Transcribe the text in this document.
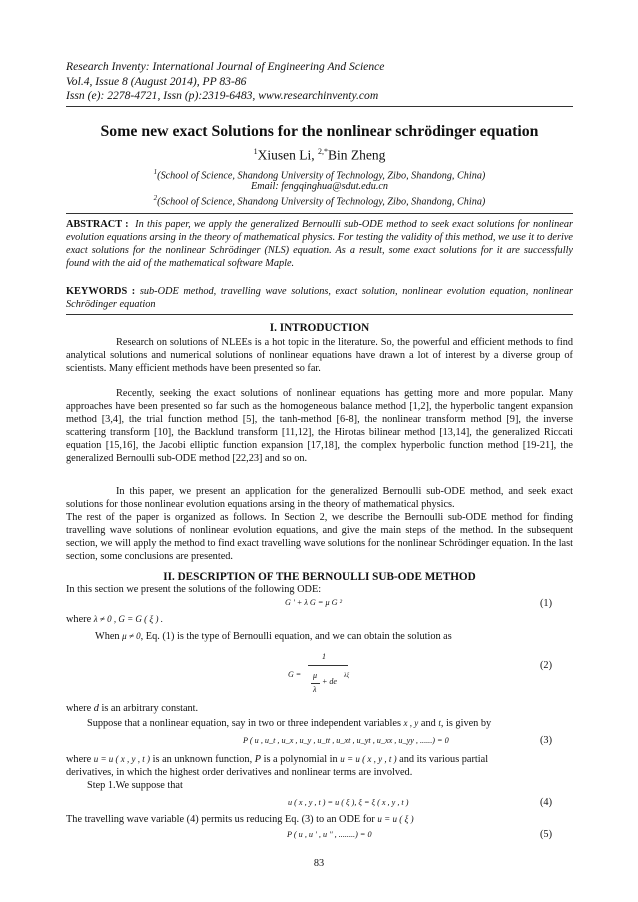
Research Inventy: International Journal of Engineering And Science
Vol.4, Issue 8 (August 2014), PP 83-86
Issn (e): 2278-4721, Issn (p):2319-6483, www.researchinventy.com
Some new exact Solutions for the nonlinear schrödinger equation
$^1$Xiusen Li, $^{2,*}$Bin Zheng
$^1$(School of Science, Shandong University of Technology, Zibo, Shandong, China)
Email: fengqinghua@sdut.edu.cn
$^2$(School of Science, Shandong University of Technology, Zibo, Shandong, China)
ABSTRACT : In this paper, we apply the generalized Bernoulli sub-ODE method to seek exact solutions for nonlinear evolution equations arsing in the theory of mathematical physics. For testing the validity of this method, we use it to derive exact solutions for the nonlinear Schrödinger (NLS) equation. As a result, some exact solutions for it are successfully found with the aid of the mathematical software Maple.
KEYWORDS : sub-ODE method, travelling wave solutions, exact solution, nonlinear evolution equation, nonlinear Schrödinger equation
I. INTRODUCTION
Research on solutions of NLEEs is a hot topic in the literature. So, the powerful and efficient methods to find analytical solutions and numerical solutions of nonlinear equations have drawn a lot of interest by a diverse group of scientists. Many efficient methods have been presented so far.
Recently, seeking the exact solutions of nonlinear equations has getting more and more popular. Many approaches have been presented so far such as the homogeneous balance method [1,2], the hyperbolic tangent expansion method [3,4], the trial function method [5], the tanh-method [6-8], the nonlinear transform method [9], the inverse scattering transform [10], the Backlund transform [11,12], the Hirotas bilinear method [13,14], the generalized Riccati equation [15,16], the Jacobi elliptic function expansion [17,18], the complex hyperbolic function method [19-21], the generalized Bernoulli sub-ODE method [22,23] and so on.
In this paper, we present an application for the generalized Bernoulli sub-ODE method, and seek exact solutions for those nonlinear evolution equations arsing in the theory of mathematical physics.
The rest of the paper is organized as follows. In Section 2, we describe the Bernoulli sub-ODE method for finding travelling wave solutions of nonlinear evolution equations, and give the main steps of the method. In the subsequent section, we will apply the method to find exact travelling wave solutions for the nonlinear Schrödinger equation. In the last section, some conclusions are presented.
II. DESCRIPTION OF THE BERNOULLI SUB-ODE METHOD
In this section we present the solutions of the following ODE:
G ' + λ G = μ G ²	(1)
where λ ≠ 0 , G = G ( ξ ) .
When μ ≠ 0, Eq. (1) is the type of Bernoulli equation, and we can obtain the solution as
G =
1
μ
+ de
λξ
λ
(2)
where d is an arbitrary constant.
Suppose that a nonlinear equation, say in two or three independent variables x , y and t, is given by
P ( u , u_t , u_x , u_y , u_tt , u_xt , u_yt , u_xx , u_yy , ......) = 0	(3)
where u = u ( x , y , t ) is an unknown function, P is a polynomial in u = u ( x , y , t ) and its various partial
derivatives, in which the highest order derivatives and nonlinear terms are involved.
Step 1.We suppose that
u ( x , y , t ) = u ( ξ ), ξ = ξ ( x , y , t )	(4)
The travelling wave variable (4) permits us reducing Eq. (3) to an ODE for u = u ( ξ )
P ( u , u ' , u '' , ........) = 0	(5)
83
